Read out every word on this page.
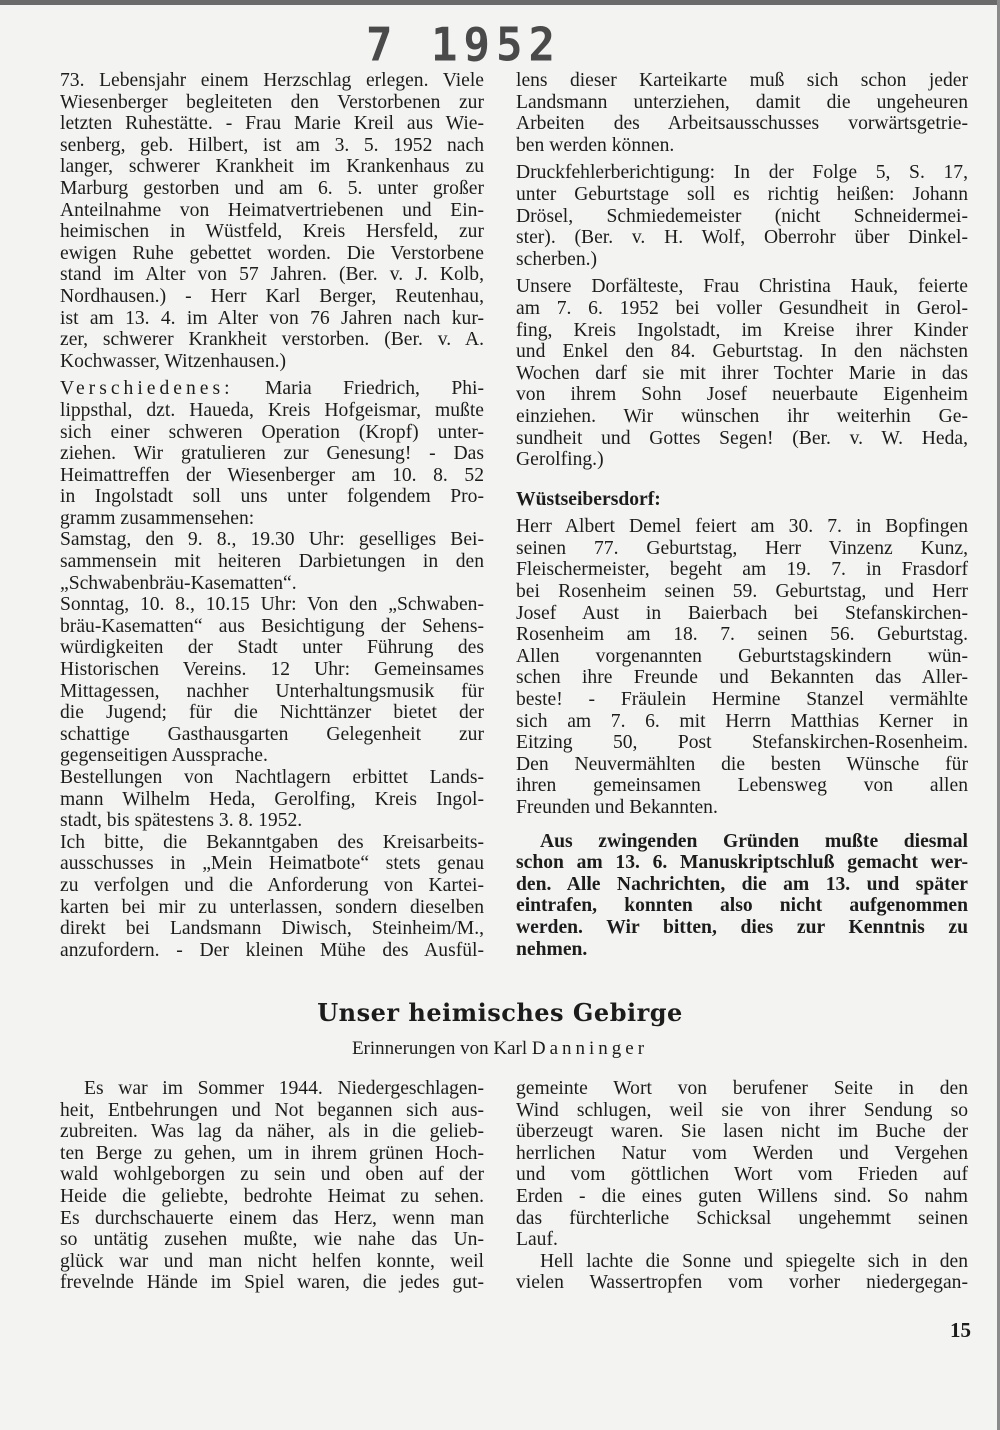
7 1952
73. Lebensjahr einem Herzschlag erlegen. Viele
Wiesenberger begleiteten den Verstorbenen zur
letzten Ruhestätte. - Frau Marie Kreil aus Wie-
senberg, geb. Hilbert, ist am 3. 5. 1952 nach
langer, schwerer Krankheit im Krankenhaus zu
Marburg gestorben und am 6. 5. unter großer
Anteilnahme von Heimatvertriebenen und Ein-
heimischen in Wüstfeld, Kreis Hersfeld, zur
ewigen Ruhe gebettet worden. Die Verstorbene
stand im Alter von 57 Jahren. (Ber. v. J. Kolb,
Nordhausen.) - Herr Karl Berger, Reutenhau,
ist am 13. 4. im Alter von 76 Jahren nach kur-
zer, schwerer Krankheit verstorben. (Ber. v. A.
Kochwasser, Witzenhausen.)
Verschiedenes: Maria Friedrich, Phi-
lippsthal, dzt. Haueda, Kreis Hofgeismar, mußte
sich einer schweren Operation (Kropf) unter-
ziehen. Wir gratulieren zur Genesung! - Das
Heimattreffen der Wiesenberger am 10. 8. 52
in Ingolstadt soll uns unter folgendem Pro-
gramm zusammensehen:
Samstag, den 9. 8., 19.30 Uhr: geselliges Bei-
sammensein mit heiteren Darbietungen in den
„Schwabenbräu-Kasematten“.
Sonntag, 10. 8., 10.15 Uhr: Von den „Schwaben-
bräu-Kasematten“ aus Besichtigung der Sehens-
würdigkeiten der Stadt unter Führung des
Historischen Vereins. 12 Uhr: Gemeinsames
Mittagessen, nachher Unterhaltungsmusik für
die Jugend; für die Nichttänzer bietet der
schattige Gasthausgarten Gelegenheit zur
gegenseitigen Aussprache.
Bestellungen von Nachtlagern erbittet Lands-
mann Wilhelm Heda, Gerolfing, Kreis Ingol-
stadt, bis spätestens 3. 8. 1952.
Ich bitte, die Bekanntgaben des Kreisarbeits-
ausschusses in „Mein Heimatbote“ stets genau
zu verfolgen und die Anforderung von Kartei-
karten bei mir zu unterlassen, sondern dieselben
direkt bei Landsmann Diwisch, Steinheim/M.,
anzufordern. - Der kleinen Mühe des Ausfül-
lens dieser Karteikarte muß sich schon jeder
Landsmann unterziehen, damit die ungeheuren
Arbeiten des Arbeitsausschusses vorwärtsgetrie-
ben werden können.
Druckfehlerberichtigung: In der Folge 5, S. 17,
unter Geburtstage soll es richtig heißen: Johann
Drösel, Schmiedemeister (nicht Schneidermei-
ster). (Ber. v. H. Wolf, Oberrohr über Dinkel-
scherben.)
Unsere Dorfälteste, Frau Christina Hauk, feierte
am 7. 6. 1952 bei voller Gesundheit in Gerol-
fing, Kreis Ingolstadt, im Kreise ihrer Kinder
und Enkel den 84. Geburtstag. In den nächsten
Wochen darf sie mit ihrer Tochter Marie in das
von ihrem Sohn Josef neuerbaute Eigenheim
einziehen. Wir wünschen ihr weiterhin Ge-
sundheit und Gottes Segen! (Ber. v. W. Heda,
Gerolfing.)
Wüstseibersdorf:
Herr Albert Demel feiert am 30. 7. in Bopfingen
seinen 77. Geburtstag, Herr Vinzenz Kunz,
Fleischermeister, begeht am 19. 7. in Frasdorf
bei Rosenheim seinen 59. Geburtstag, und Herr
Josef Aust in Baierbach bei Stefanskirchen-
Rosenheim am 18. 7. seinen 56. Geburtstag.
Allen vorgenannten Geburtstagskindern wün-
schen ihre Freunde und Bekannten das Aller-
beste! - Fräulein Hermine Stanzel vermählte
sich am 7. 6. mit Herrn Matthias Kerner in
Eitzing 50, Post Stefanskirchen-Rosenheim.
Den Neuvermählten die besten Wünsche für
ihren gemeinsamen Lebensweg von allen
Freunden und Bekannten.
Aus zwingenden Gründen mußte diesmal
schon am 13. 6. Manuskriptschluß gemacht wer-
den. Alle Nachrichten, die am 13. und später
eintrafen, konnten also nicht aufgenommen
werden. Wir bitten, dies zur Kenntnis zu
nehmen.
Unser heimisches Gebirge
Erinnerungen von Karl Danninger
Es war im Sommer 1944. Niedergeschlagen-
heit, Entbehrungen und Not begannen sich aus-
zubreiten. Was lag da näher, als in die gelieb-
ten Berge zu gehen, um in ihrem grünen Hoch-
wald wohlgeborgen zu sein und oben auf der
Heide die geliebte, bedrohte Heimat zu sehen.
Es durchschauerte einem das Herz, wenn man
so untätig zusehen mußte, wie nahe das Un-
glück war und man nicht helfen konnte, weil
frevelnde Hände im Spiel waren, die jedes gut-
gemeinte Wort von berufener Seite in den
Wind schlugen, weil sie von ihrer Sendung so
überzeugt waren. Sie lasen nicht im Buche der
herrlichen Natur vom Werden und Vergehen
und vom göttlichen Wort vom Frieden auf
Erden - die eines guten Willens sind. So nahm
das fürchterliche Schicksal ungehemmt seinen
Lauf.
Hell lachte die Sonne und spiegelte sich in den
vielen Wassertropfen vom vorher niedergegan-
15
